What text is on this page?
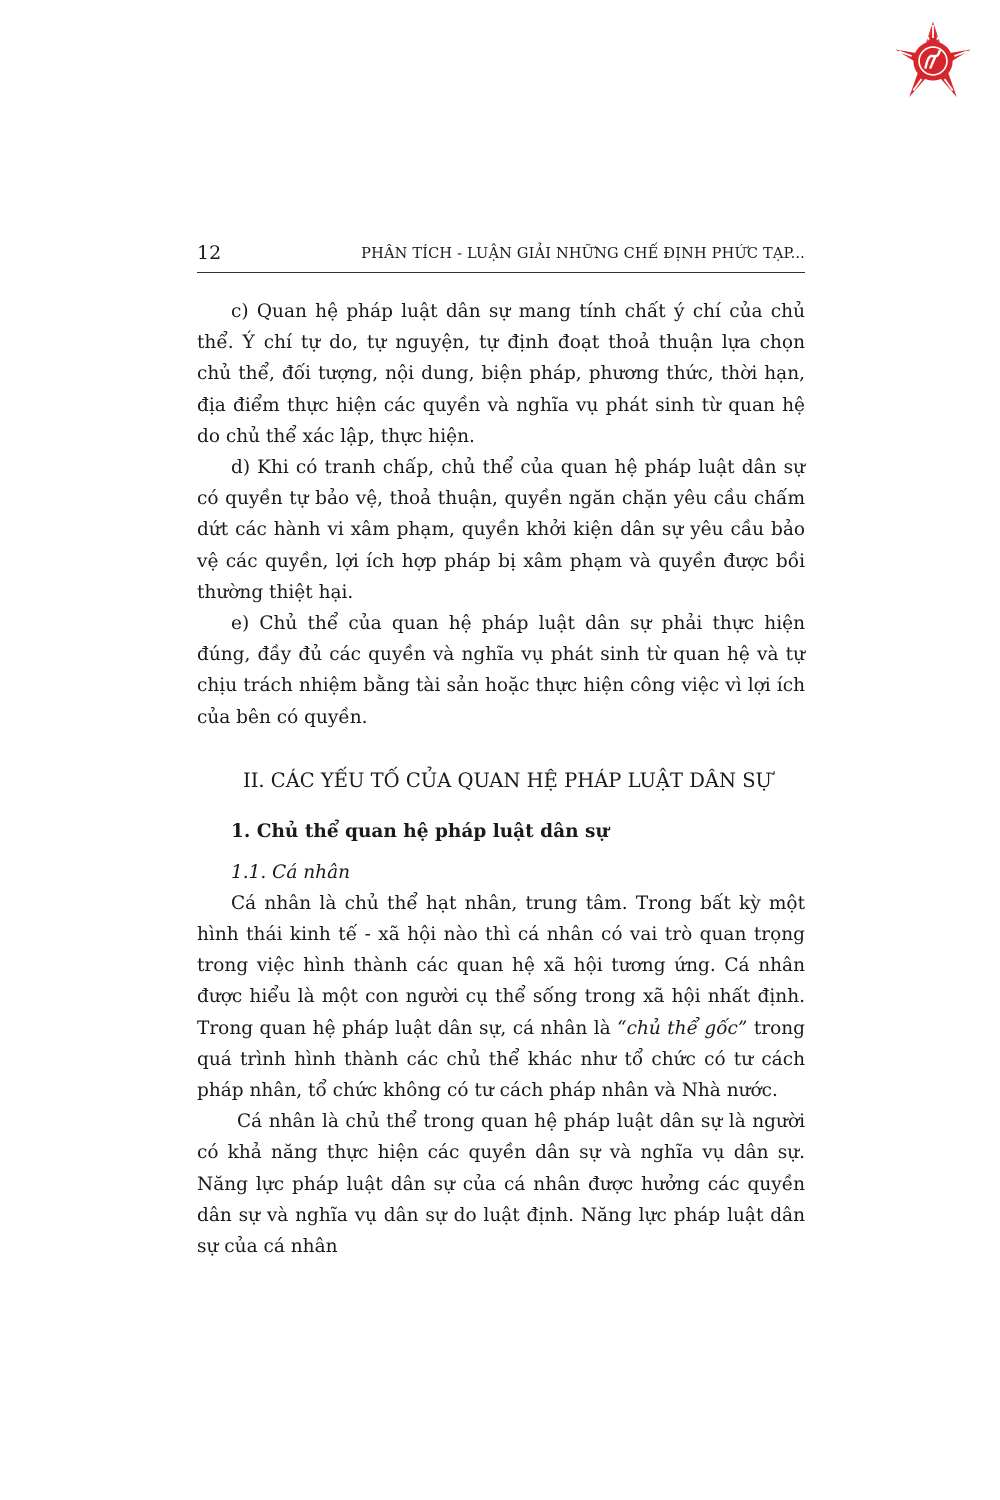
12	PHÂN TÍCH - LUẬN GIẢI NHỮNG CHẾ ĐỊNH PHỨC TẠP...

c) Quan hệ pháp luật dân sự mang tính chất ý chí của chủ thể. Ý chí tự do, tự nguyện, tự định đoạt thoả thuận lựa chọn chủ thể, đối tượng, nội dung, biện pháp, phương thức, thời hạn, địa điểm thực hiện các quyền và nghĩa vụ phát sinh từ quan hệ do chủ thể xác lập, thực hiện.

d) Khi có tranh chấp, chủ thể của quan hệ pháp luật dân sự có quyền tự bảo vệ, thoả thuận, quyền ngăn chặn yêu cầu chấm dứt các hành vi xâm phạm, quyền khởi kiện dân sự yêu cầu bảo vệ các quyền, lợi ích hợp pháp bị xâm phạm và quyền được bồi thường thiệt hại.

e) Chủ thể của quan hệ pháp luật dân sự phải thực hiện đúng, đầy đủ các quyền và nghĩa vụ phát sinh từ quan hệ và tự chịu trách nhiệm bằng tài sản hoặc thực hiện công việc vì lợi ích của bên có quyền.

II. CÁC YẾU TỐ CỦA QUAN HỆ PHÁP LUẬT DÂN SỰ

1. Chủ thể quan hệ pháp luật dân sự

1.1. Cá nhân

Cá nhân là chủ thể hạt nhân, trung tâm. Trong bất kỳ một hình thái kinh tế - xã hội nào thì cá nhân có vai trò quan trọng trong việc hình thành các quan hệ xã hội tương ứng. Cá nhân được hiểu là một con người cụ thể sống trong xã hội nhất định. Trong quan hệ pháp luật dân sự, cá nhân là “chủ thể gốc” trong quá trình hình thành các chủ thể khác như tổ chức có tư cách pháp nhân, tổ chức không có tư cách pháp nhân và Nhà nước.

Cá nhân là chủ thể trong quan hệ pháp luật dân sự là người có khả năng thực hiện các quyền dân sự và nghĩa vụ dân sự. Năng lực pháp luật dân sự của cá nhân được hưởng các quyền dân sự và nghĩa vụ dân sự do luật định. Năng lực pháp luật dân sự của cá nhân
